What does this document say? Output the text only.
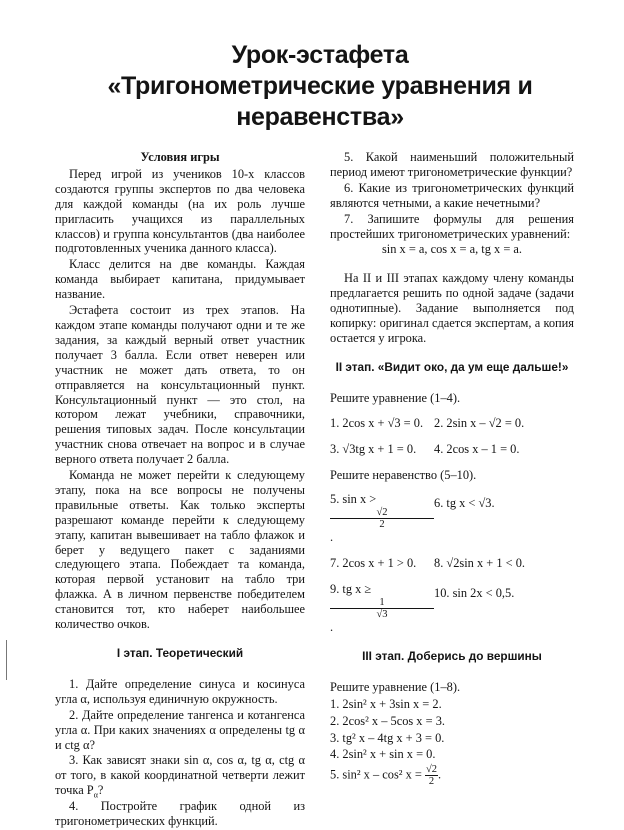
Урок-эстафета
«Тригонометрические уравнения и
неравенства»
Условия игры
Перед игрой из учеников 10-х классов создаются группы экспертов по два человека для каждой команды (на их роль лучше пригласить учащихся из параллельных классов) и группа консультантов (два наиболее подготовленных ученика данного класса).
Класс делится на две команды. Каждая команда выбирает капитана, придумывает название.
Эстафета состоит из трех этапов. На каждом этапе команды получают одни и те же задания, за каждый верный ответ участник получает 3 балла. Если ответ неверен или участник не может дать ответа, то он отправляется на консультационный пункт. Консультационный пункт — это стол, на котором лежат учебники, справочники, решения типовых задач. После консультации участник снова отвечает на вопрос и в случае верного ответа получает 2 балла.
Команда не может перейти к следующему этапу, пока на все вопросы не получены правильные ответы. Как только эксперты разрешают команде перейти к следующему этапу, капитан вывешивает на табло флажок и берет у ведущего пакет с заданиями следующего этапа. Побеждает та команда, которая первой установит на табло три флажка. А в личном первенстве победителем становится тот, кто наберет наибольшее количество очков.
I этап. Теоретический
1. Дайте определение синуса и косинуса угла α, используя единичную окружность.
2. Дайте определение тангенса и котангенса угла α. При каких значениях α определены tg α и ctg α?
3. Как зависят знаки sin α, cos α, tg α, ctg α от того, в какой координатной четверти лежит точка $P_\alpha$?
4. Постройте график одной из тригонометрических функций.
5. Какой наименьший положительный период имеют тригонометрические функции?
6. Какие из тригонометрических функций являются четными, а какие нечетными?
7. Запишите формулы для решения простейших тригонометрических уравнений:
sin x = a, cos x = a, tg x = a.
На II и III этапах каждому члену команды предлагается решить по одной задаче (задачи однотипные). Задание выполняется под копирку: оригинал сдается экспертам, а копия остается у игрока.
II этап. «Видит око, да ум еще дальше!»
Решите уравнение (1–4).
1. 2cos x + √3 = 0. 2. 2sin x – √2 = 0.
3. √3tg x + 1 = 0.	4. 2cos x – 1 = 0.
Решите неравенство (5–10).
5. sin x >
√2
2
.
6. tg x < √3.
7. 2cos x + 1 > 0.	8. √2sin x + 1 < 0.
9. tg x ≥
1
√3
.
10. sin 2x < 0,5.
III этап. Доберись до вершины
Решите уравнение (1–8).
1. 2sin² x + 3sin x = 2.
2. 2cos² x – 5cos x = 3.
3. tg² x – 4tg x + 3 = 0.
4. 2sin² x + sin x = 0.
5. sin² x – cos² $x = \frac{√2}{2}$ .
